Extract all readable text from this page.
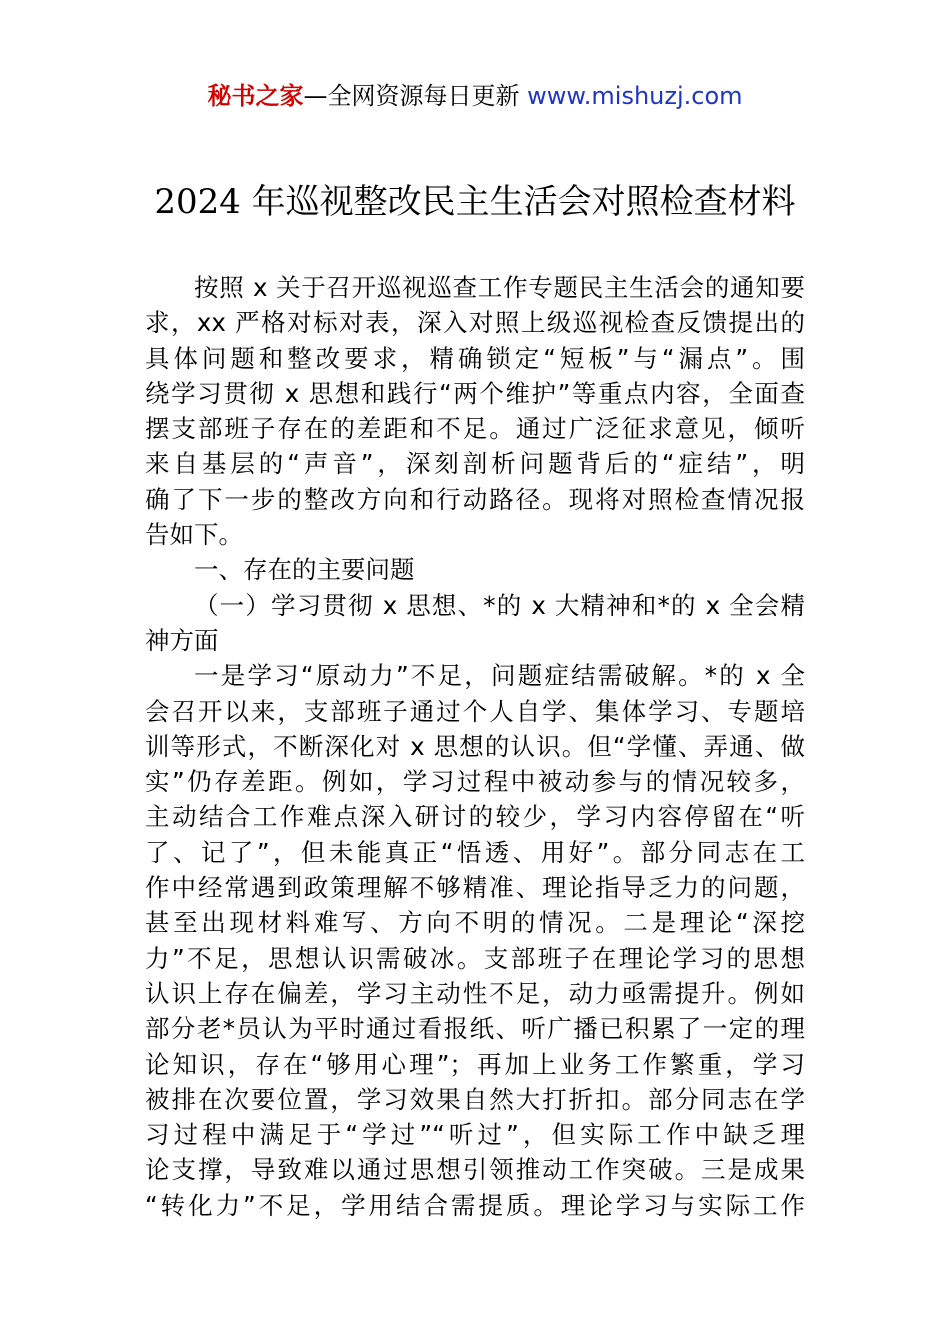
秘书之家—全网资源每日更新 www.mishuzj.com
2024 年巡视整改民主生活会对照检查材料
按照 x 关于召开巡视巡查工作专题民主生活会的通知要
求，xx 严格对标对表，深入对照上级巡视检查反馈提出的
具体问题和整改要求，精确锁定“短板”与“漏点”。围
绕学习贯彻 x 思想和践行“两个维护”等重点内容，全面查
摆支部班子存在的差距和不足。通过广泛征求意见，倾听
来自基层的“声音”，深刻剖析问题背后的“症结”，明
确了下一步的整改方向和行动路径。现将对照检查情况报
告如下。
一、存在的主要问题
（一）学习贯彻 x 思想、*的 x 大精神和*的 x 全会精
神方面
一是学习“原动力”不足，问题症结需破解。*的 x 全
会召开以来，支部班子通过个人自学、集体学习、专题培
训等形式，不断深化对 x 思想的认识。但“学懂、弄通、做
实”仍存差距。例如，学习过程中被动参与的情况较多，
主动结合工作难点深入研讨的较少，学习内容停留在“听
了、记了”，但未能真正“悟透、用好”。部分同志在工
作中经常遇到政策理解不够精准、理论指导乏力的问题，
甚至出现材料难写、方向不明的情况。二是理论“深挖
力”不足，思想认识需破冰。支部班子在理论学习的思想
认识上存在偏差，学习主动性不足，动力亟需提升。例如
部分老*员认为平时通过看报纸、听广播已积累了一定的理
论知识，存在“够用心理”；再加上业务工作繁重，学习
被排在次要位置，学习效果自然大打折扣。部分同志在学
习过程中满足于“学过”“听过”，但实际工作中缺乏理
论支撑，导致难以通过思想引领推动工作突破。三是成果
“转化力”不足，学用结合需提质。理论学习与实际工作
